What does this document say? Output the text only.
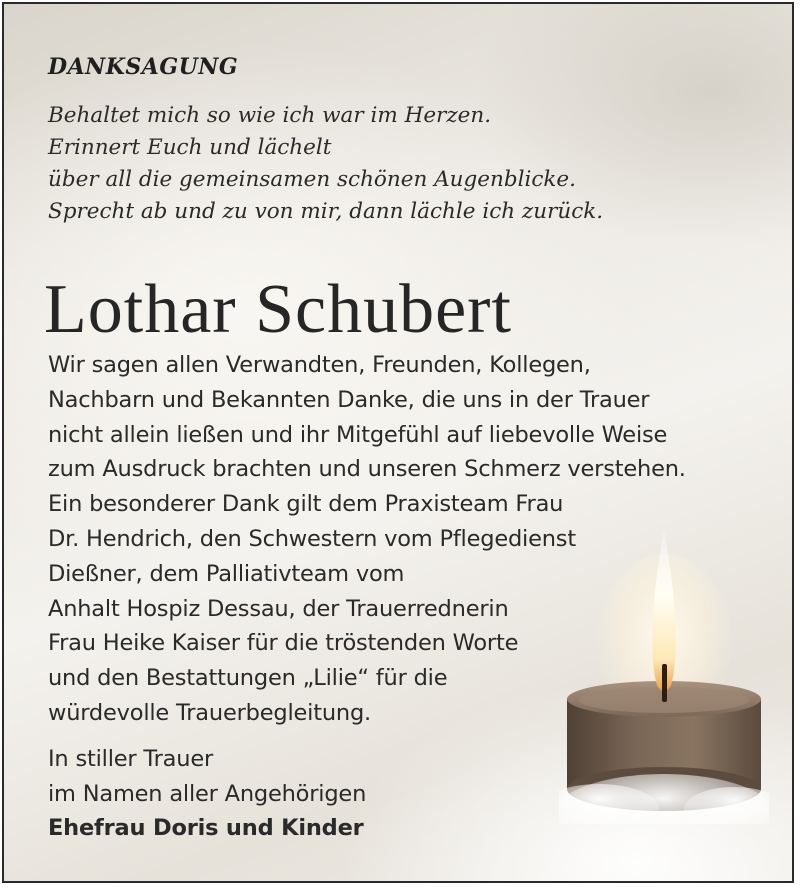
DANKSAGUNG
Behaltet mich so wie ich war im Herzen.
Erinnert Euch und lächelt
über all die gemeinsamen schönen Augenblicke.
Sprecht ab und zu von mir, dann lächle ich zurück.
Lothar Schubert
Wir sagen allen Verwandten, Freunden, Kollegen,
Nachbarn und Bekannten Danke, die uns in der Trauer
nicht allein ließen und ihr Mitgefühl auf liebevolle Weise
zum Ausdruck brachten und unseren Schmerz verstehen.
Ein besonderer Dank gilt dem Praxisteam Frau
Dr. Hendrich, den Schwestern vom Pflegedienst
Dießner, dem Palliativteam vom
Anhalt Hospiz Dessau, der Trauerrednerin
Frau Heike Kaiser für die tröstenden Worte
und den Bestattungen „Lilie“ für die
würdevolle Trauerbegleitung.
In stiller Trauer
im Namen aller Angehörigen
Ehefrau Doris und Kinder
